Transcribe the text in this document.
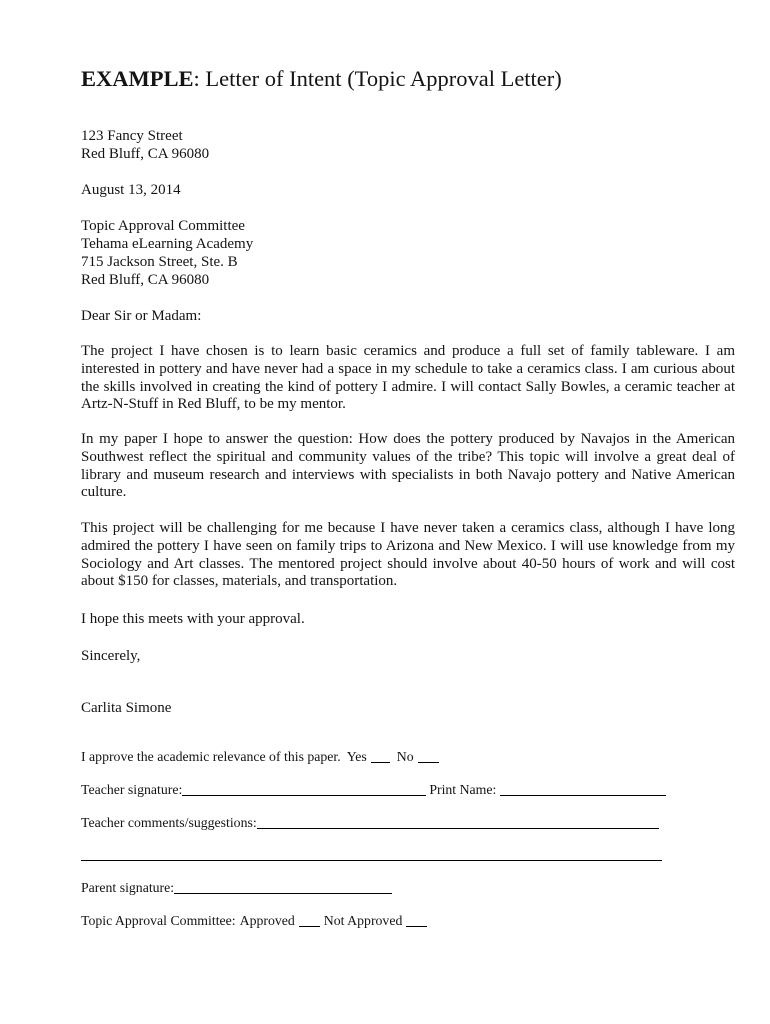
EXAMPLE: Letter of Intent (Topic Approval Letter)
123 Fancy Street
Red Bluff, CA 96080
August 13, 2014
Topic Approval Committee
Tehama eLearning Academy
715 Jackson Street, Ste. B
Red Bluff, CA 96080
Dear Sir or Madam:
The project I have chosen is to learn basic ceramics and produce a full set of family tableware. I am
interested in pottery and have never had a space in my schedule to take a ceramics class. I am curious about
the skills involved in creating the kind of pottery I admire. I will contact Sally Bowles, a ceramic teacher at
Artz-N-Stuff in Red Bluff, to be my mentor.
In my paper I hope to answer the question: How does the pottery produced by Navajos in the American
Southwest reflect the spiritual and community values of the tribe? This topic will involve a great deal of
library and museum research and interviews with specialists in both Navajo pottery and Native American
culture.
This project will be challenging for me because I have never taken a ceramics class, although I have long
admired the pottery I have seen on family trips to Arizona and New Mexico. I will use knowledge from my
Sociology and Art classes. The mentored project should involve about 40-50 hours of work and will cost
about $150 for classes, materials, and transportation.
I hope this meets with your approval.
Sincerely,
Carlita Simone
I approve the academic relevance of this paper. Yes No
Teacher signature:	Print Name:
Teacher comments/suggestions:
Parent signature:
Topic Approval Committee: Approved Not Approved
